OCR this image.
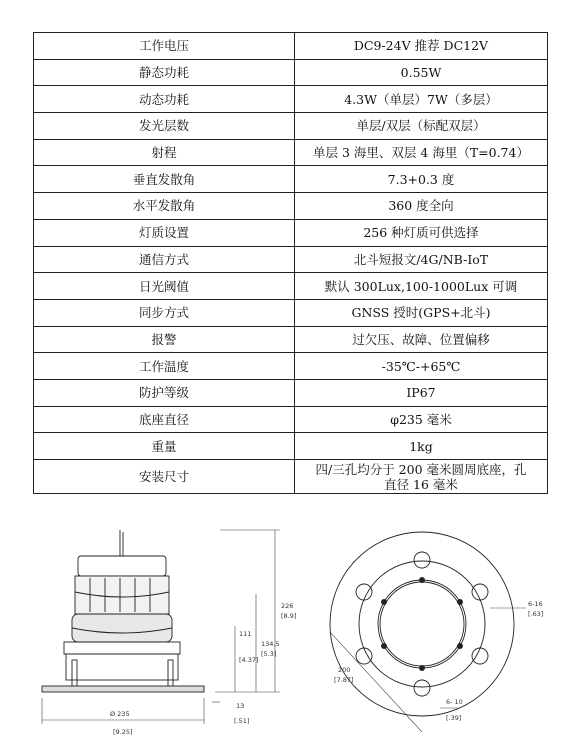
工作电压	DC9-24V 推荐 DC12V
静态功耗	0.55W
动态功耗	4.3W（单层）7W（多层）
发光层数	单层/双层（标配双层）
射程	单层 3 海里、双层 4 海里（T=0.74）
垂直发散角	7.3+0.3 度
水平发散角	360 度全向
灯质设置	256 种灯质可供选择
通信方式	北斗短报文/4G/NB-IoT
日光阈值	默认 300Lux,100-1000Lux 可调
同步方式	GNSS 授时(GPS+北斗)
报警	过欠压、故障、位置偏移
工作温度	-35℃-+65℃
防护等级	IP67
底座直径	φ235 毫米
重量	1kg
安装尺寸	四/三孔均分于 200 毫米圆周底座，孔
直径 16 毫米
226
[8.9]
134,5
[5.3]
111
[4.37]
13
[.51]
Ø 235
[9.25]
200
[7.87]
6-16
[.63]
6- 10
[.39]
